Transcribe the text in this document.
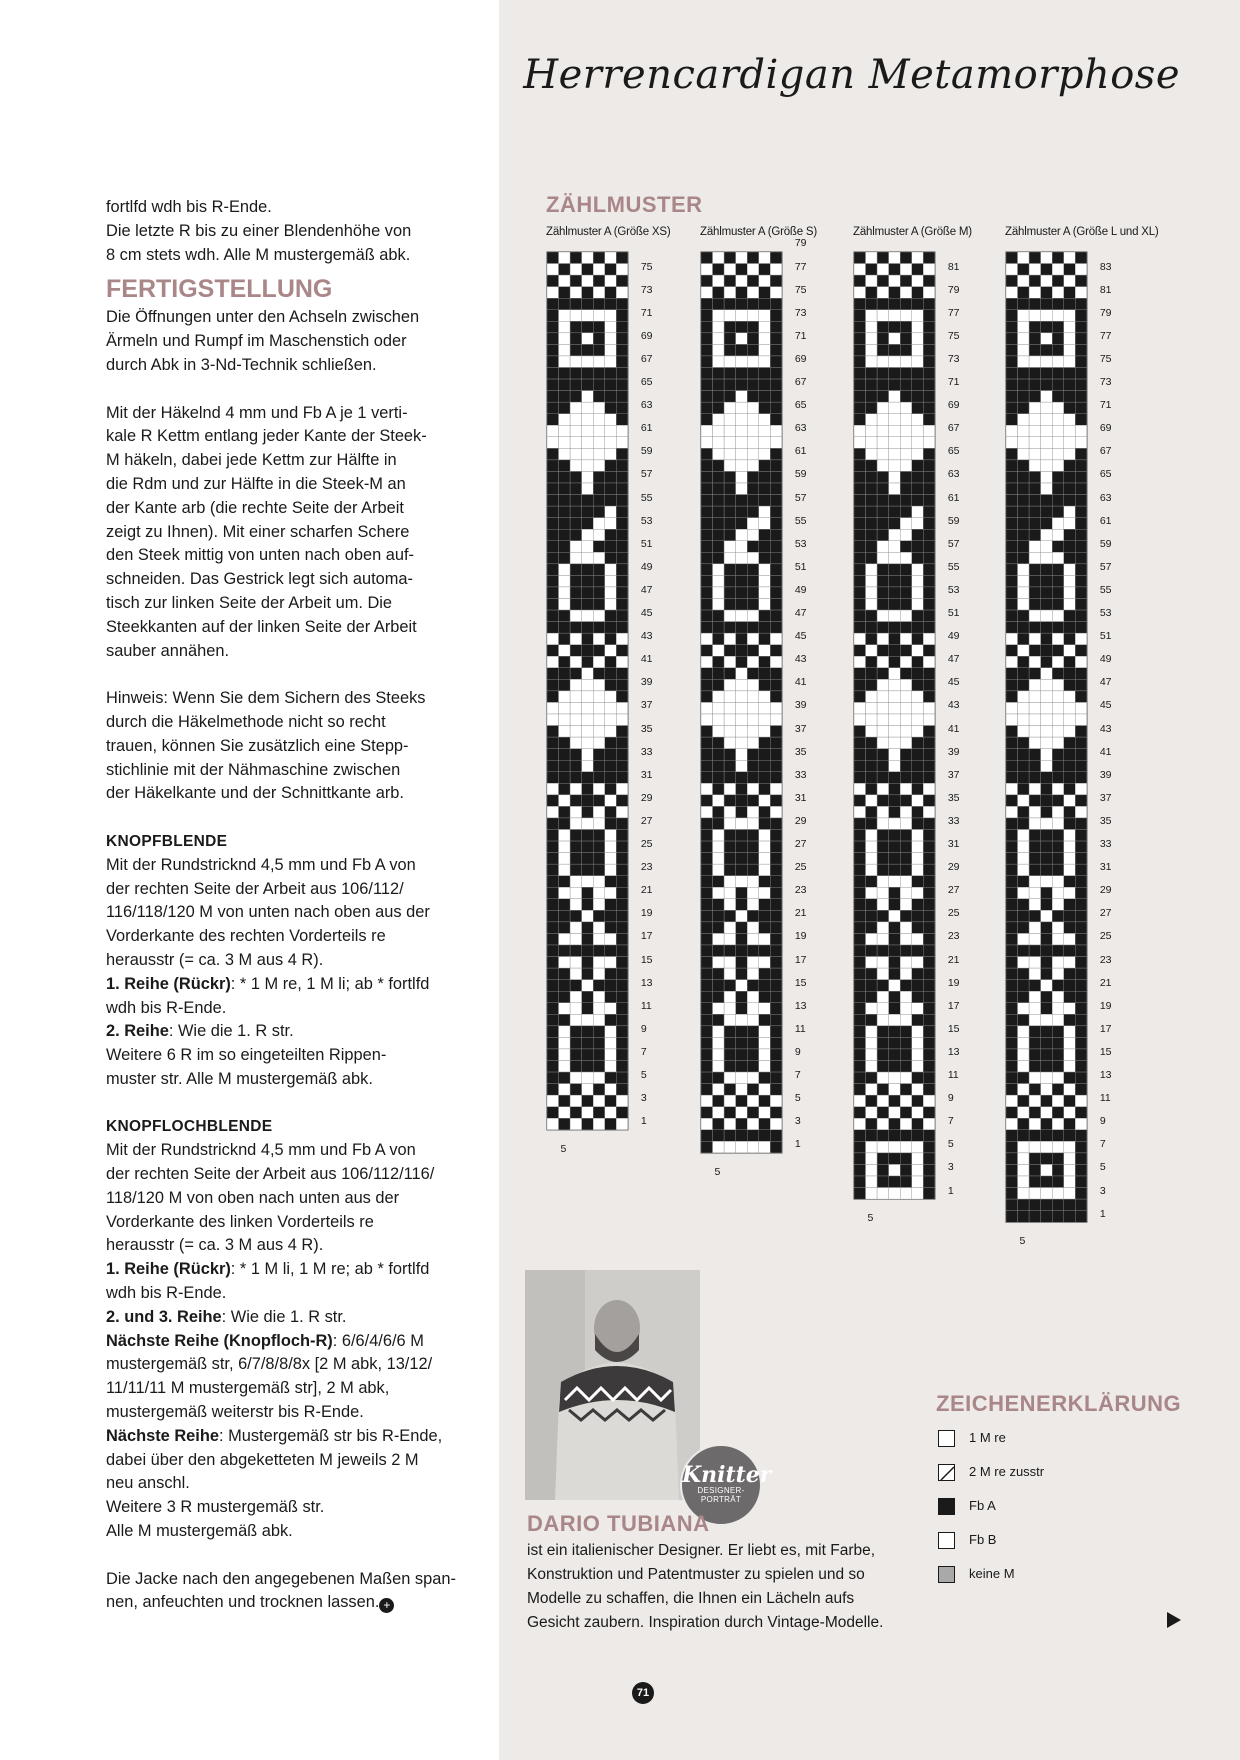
Herrencardigan Metamorphose

fortlfd wdh bis R-Ende.

Die letzte R bis zu einer Blendenhöhe von

8 cm stets wdh. Alle M mustergemäß abk.

FERTIGSTELLUNG

Die Öffnungen unter den Achseln zwischen

Ärmeln und Rumpf im Maschenstich oder

durch Abk in 3-Nd-Technik schließen.

Mit der Häkelnd 4 mm und Fb A je 1 verti-

kale R Kettm entlang jeder Kante der Steek-

M häkeln, dabei jede Kettm zur Hälfte in

die Rdm und zur Hälfte in die Steek-M an

der Kante arb (die rechte Seite der Arbeit

zeigt zu Ihnen). Mit einer scharfen Schere

den Steek mittig von unten nach oben auf-

schneiden. Das Gestrick legt sich automa-

tisch zur linken Seite der Arbeit um. Die

Steekkanten auf der linken Seite der Arbeit

sauber annähen.

Hinweis: Wenn Sie dem Sichern des Steeks

durch die Häkelmethode nicht so recht

trauen, können Sie zusätzlich eine Stepp-

stichlinie mit der Nähmaschine zwischen

der Häkelkante und der Schnittkante arb.

KNOPFBLENDE

Mit der Rundstricknd 4,5 mm und Fb A von

der rechten Seite der Arbeit aus 106/112/

116/118/120 M von unten nach oben aus der

Vorderkante des rechten Vorderteils re

herausstr (= ca. 3 M aus 4 R).

1. Reihe (Rückr): * 1 M re, 1 M li; ab * fortlfd

wdh bis R-Ende.

2. Reihe: Wie die 1. R str.

Weitere 6 R im so eingeteilten Rippen-

muster str. Alle M mustergemäß abk.

KNOPFLOCHBLENDE

Mit der Rundstricknd 4,5 mm und Fb A von

der rechten Seite der Arbeit aus 106/112/116/

118/120 M von oben nach unten aus der

Vorderkante des linken Vorderteils re

herausstr (= ca. 3 M aus 4 R).

1. Reihe (Rückr): * 1 M li, 1 M re; ab * fortlfd

wdh bis R-Ende.

2. und 3. Reihe: Wie die 1. R str.

Nächste Reihe (Knopfloch-R): 6/6/4/6/6 M

mustergemäß str, 6/7/8/8/8x [2 M abk, 13/12/

11/11/11 M mustergemäß str], 2 M abk,

mustergemäß weiterstr bis R-Ende.

Nächste Reihe: Mustergemäß str bis R-Ende,

dabei über den abgeketteten M jeweils 2 M

neu anschl.

Weitere 3 R mustergemäß str.

Alle M mustergemäß abk.

Die Jacke nach den angegebenen Maßen span-

nen, anfeuchten und trocknen lassen. +

ZÄHLMUSTER
Zählmuster A (Größe XS)
1
3
5
7
9
11
13
15
17
19
21
23
25
27
29
31
33
35
37
39
41
43
45
47
49
51
53
55
57
59
61
63
65
67
69
71
73
75
5
Zählmuster A (Größe S)
1
3
5
7
9
11
13
15
17
19
21
23
25
27
29
31
33
35
37
39
41
43
45
47
49
51
53
55
57
59
61
63
65
67
69
71
73
75
77
79
5
Zählmuster A (Größe M)
1
3
5
7
9
11
13
15
17
19
21
23
25
27
29
31
33
35
37
39
41
43
45
47
49
51
53
55
57
59
61
63
65
67
69
71
73
75
77
79
81
5
Zählmuster A (Größe L und XL)
1
3
5
7
9
11
13
15
17
19
21
23
25
27
29
31
33
35
37
39
41
43
45
47
49
51
53
55
57
59
61
63
65
67
69
71
73
75
77
79
81
83
5
Knitter
DESIGNER-
PORTRÄT
DARIO TUBIANA
ist ein italienischer Designer. Er liebt es, mit Farbe,
Konstruktion und Patentmuster zu spielen und so
Modelle zu schaffen, die Ihnen ein Lächeln aufs
Gesicht zaubern. Inspiration durch Vintage-Modelle.
ZEICHENERKLÄRUNG
1 M re
2 M re zusstr
Fb A
Fb B
keine M
71
